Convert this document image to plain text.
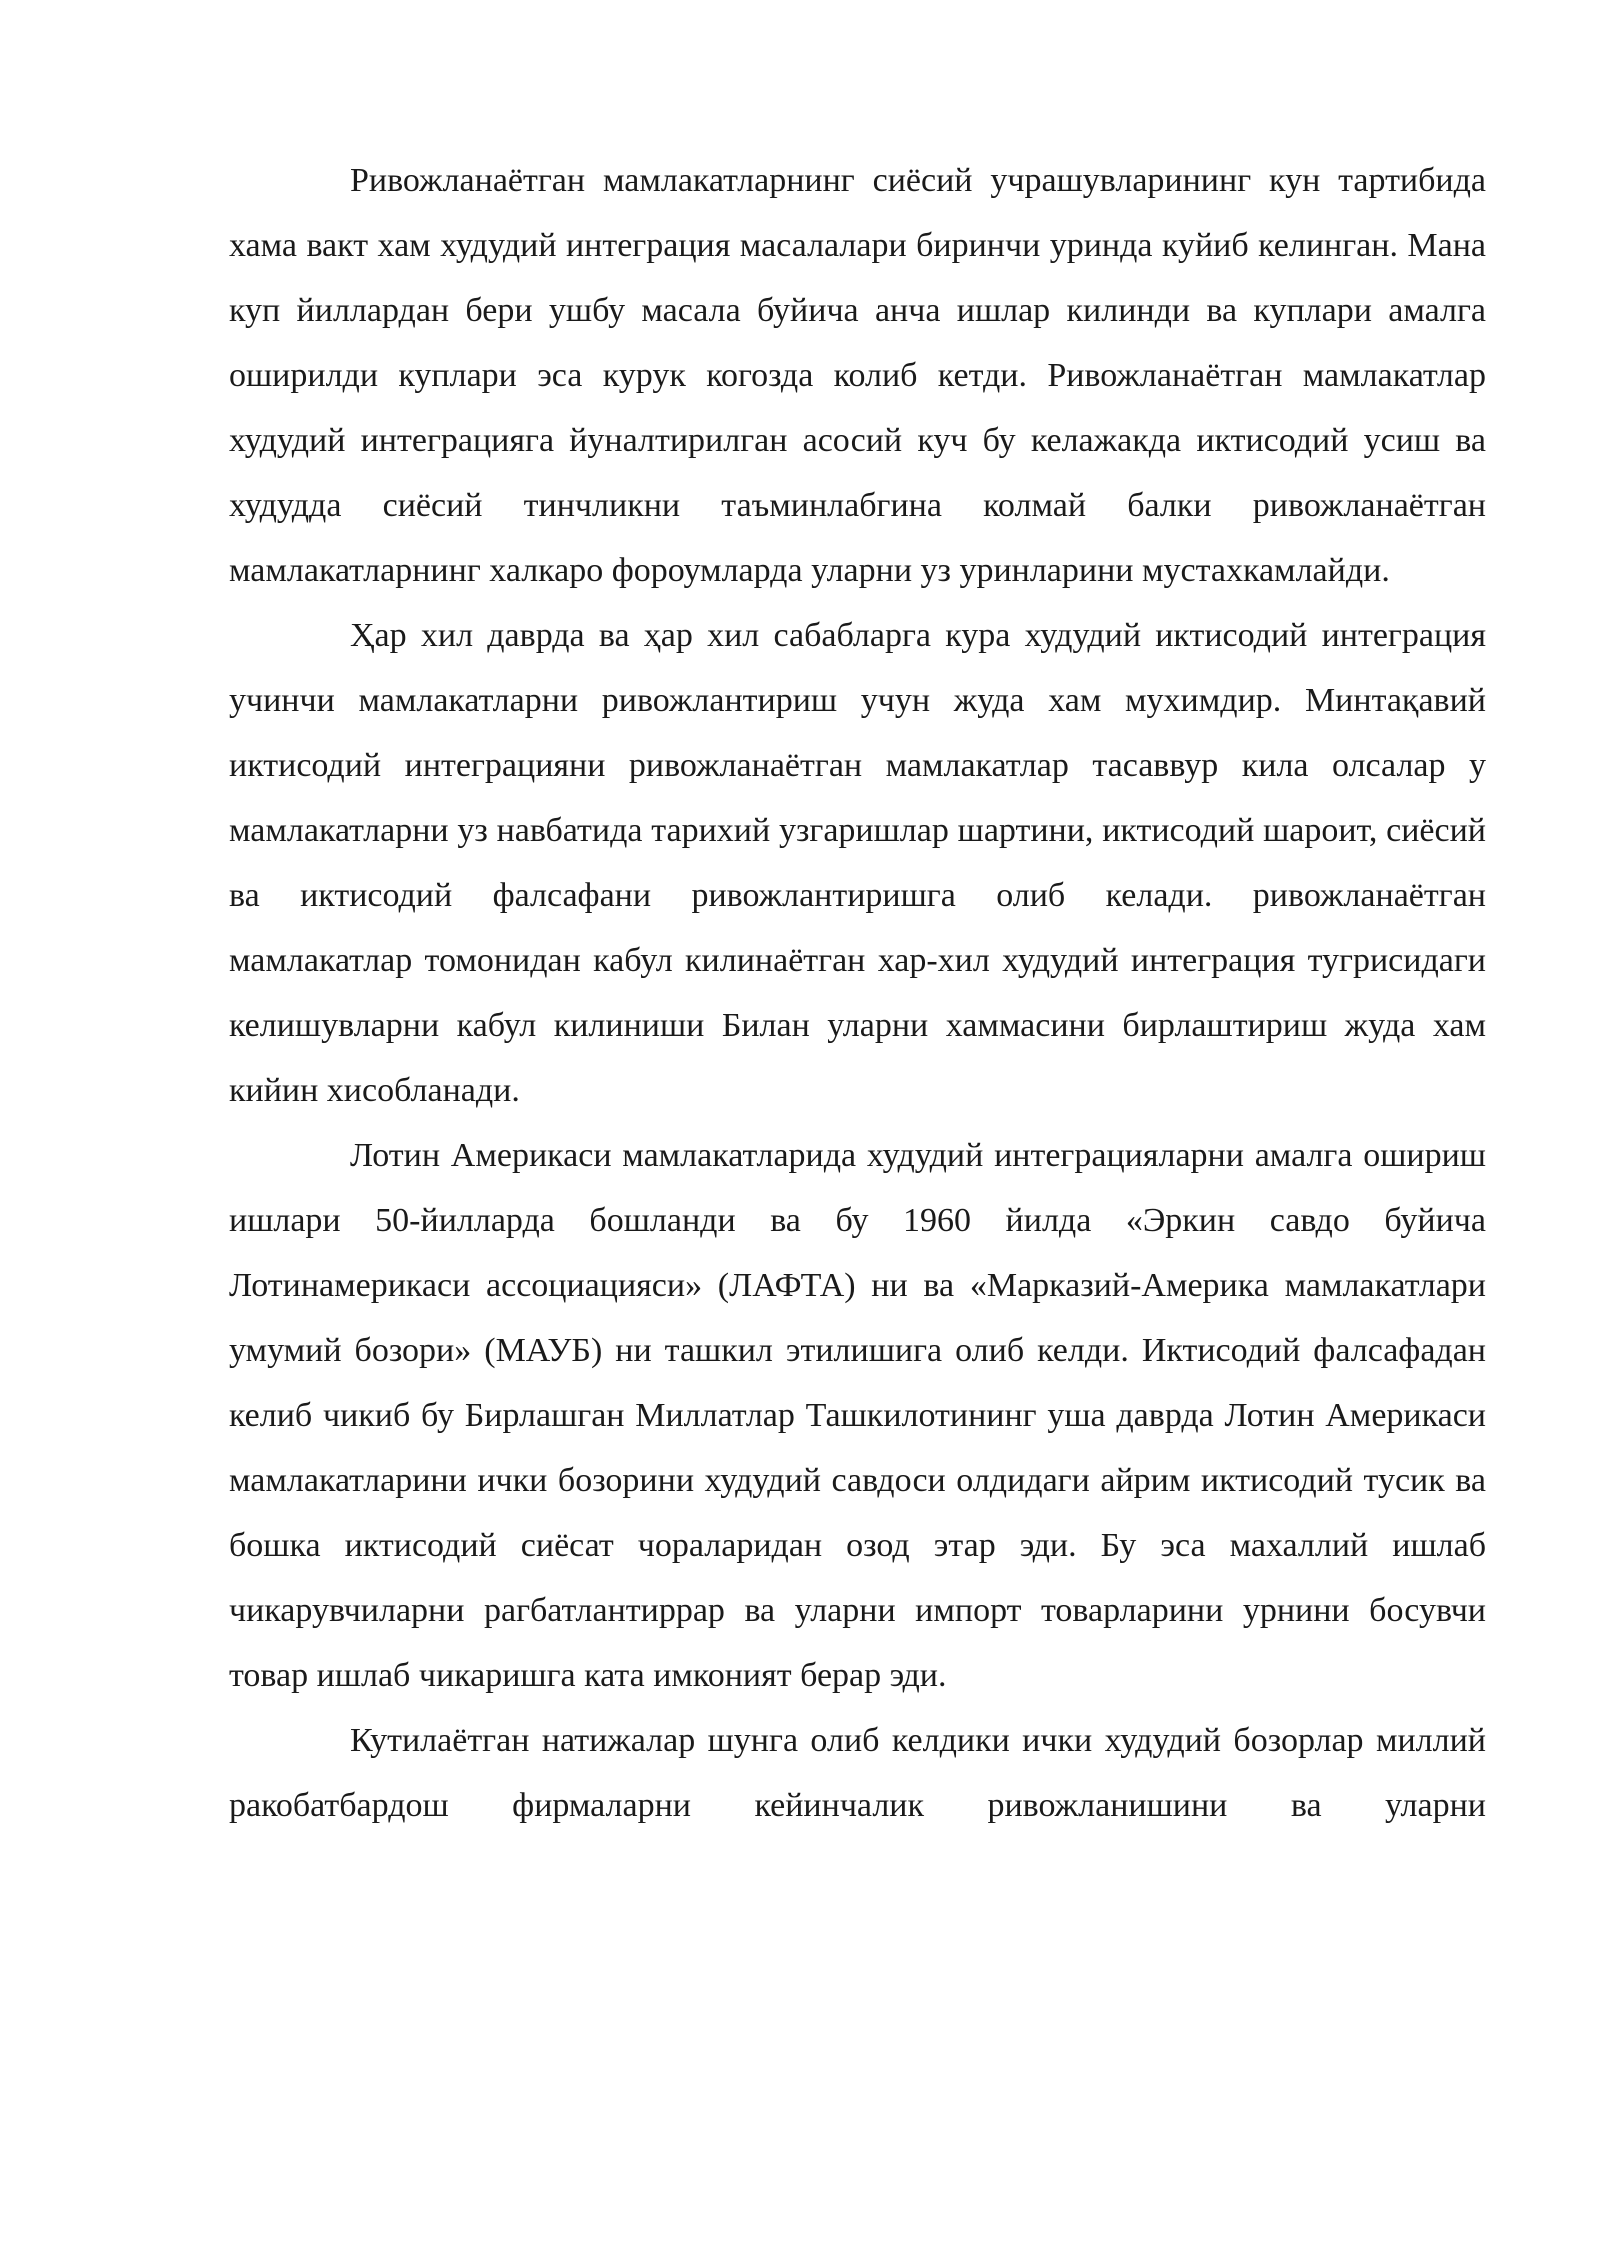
Ривожланаётган мамлакатларнинг сиёсий учрашувларининг кун тартибида хама вакт хам худудий интеграция масалалари биринчи уринда куйиб келинган. Мана куп йиллардан бери ушбу масала буйича анча ишлар килинди ва куплари амалга оширилди куплари эса курук когозда колиб кетди. Ривожланаётган мамлакатлар худудий интеграцияга йуналтирилган асосий куч бу келажакда иктисодий усиш ва худудда сиёсий тинчликни таъминлабгина колмай балки ривожланаётган мамлакатларнинг халкаро фороумларда уларни уз уринларини мустахкамлайди.

Ҳар хил даврда ва ҳар хил сабабларга кура худудий иктисодий интеграция учинчи мамлакатларни ривожлантириш учун жуда хам мухимдир. Минтақавий иктисодий интеграцияни ривожланаётган мамлакатлар тасаввур кила олсалар у мамлакатларни уз навбатида тарихий узгаришлар шартини, иктисодий шароит, сиёсий ва иктисодий фалсафани ривожлантиришга олиб келади. ривожланаётган мамлакатлар томонидан кабул килинаётган хар-хил худудий интеграция тугрисидаги келишувларни кабул килиниши Билан уларни хаммасини бирлаштириш жуда хам кийин хисобланади.

Лотин Америкаси мамлакатларида худудий интеграцияларни амалга ошириш ишлари 50-йилларда бошланди ва бу 1960 йилда «Эркин савдо буйича Лотинамерикаси ассоциацияси» (ЛАФТА) ни ва «Марказий-Америка мамлакатлари умумий бозори» (МАУБ) ни ташкил этилишига олиб келди. Иктисодий фалсафадан келиб чикиб бу Бирлашган Миллатлар Ташкилотининг уша даврда Лотин Америкаси мамлакатларини ички бозорини худудий савдоси олдидаги айрим иктисодий тусик ва бошка иктисодий сиёсат чораларидан озод этар эди. Бу эса махаллий ишлаб чикарувчиларни рагбатлантиррар ва уларни импорт товарларини урнини босувчи товар ишлаб чикаришга ката имконият берар эди.

Кутилаётган натижалар шунга олиб келдики ички худудий бозорлар миллий ракобатбардош фирмаларни кейинчалик ривожланишини ва уларни
